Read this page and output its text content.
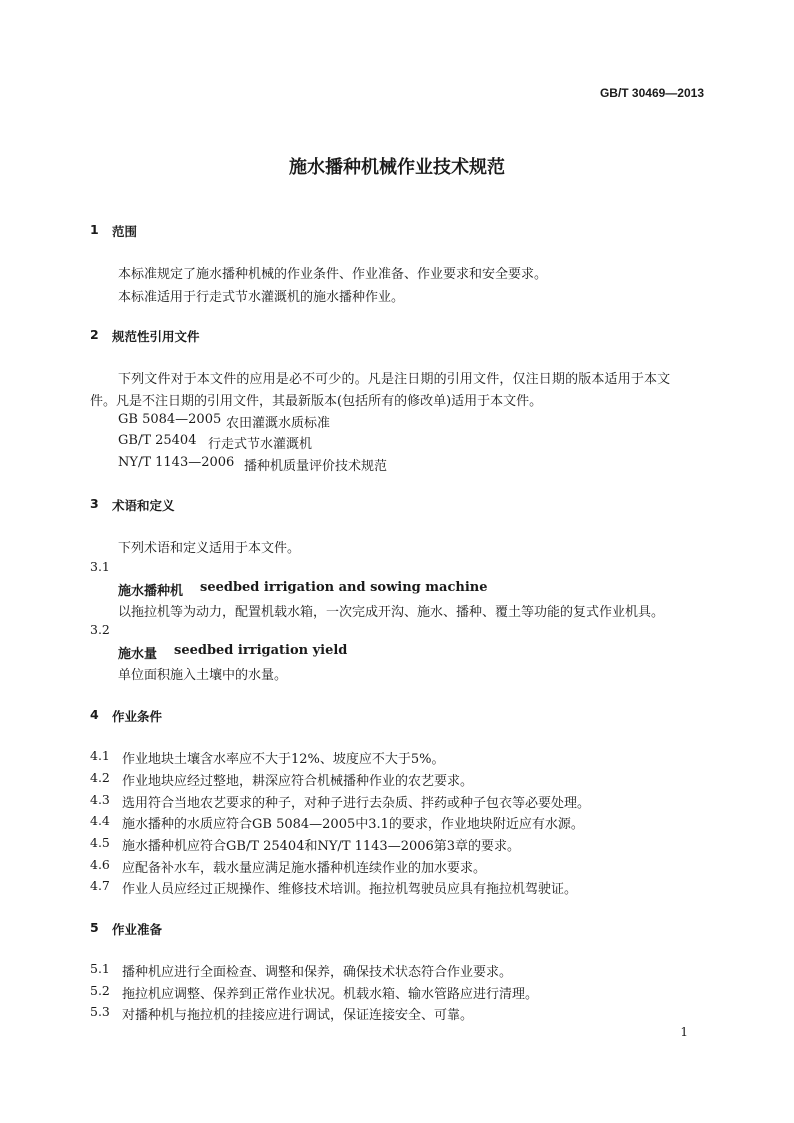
GB/T 30469—2013
施水播种机械作业技术规范
1 范围
本标准规定了施水播种机械的作业条件、作业准备、作业要求和安全要求。
本标准适用于行走式节水灌溉机的施水播种作业。
2 规范性引用文件
下列文件对于本文件的应用是必不可少的。凡是注日期的引用文件，仅注日期的版本适用于本文
件。凡是不注日期的引用文件，其最新版本(包括所有的修改单)适用于本文件。
GB 5084—2005 农田灌溉水质标准
GB/T 25404 行走式节水灌溉机
NY/T 1143—2006 播种机质量评价技术规范
3 术语和定义
下列术语和定义适用于本文件。
3.1
施水播种机 seedbed irrigation and sowing machine
以拖拉机等为动力，配置机载水箱，一次完成开沟、施水、播种、覆土等功能的复式作业机具。
3.2
施水量 seedbed irrigation yield
单位面积施入土壤中的水量。
4 作业条件
4.1 作业地块土壤含水率应不大于12%、坡度应不大于5%。
4.2 作业地块应经过整地，耕深应符合机械播种作业的农艺要求。
4.3 选用符合当地农艺要求的种子，对种子进行去杂质、拌药或种子包衣等必要处理。
4.4 施水播种的水质应符合GB 5084—2005中3.1的要求，作业地块附近应有水源。
4.5 施水播种机应符合GB/T 25404和NY/T 1143—2006第3章的要求。
4.6 应配备补水车，载水量应满足施水播种机连续作业的加水要求。
4.7 作业人员应经过正规操作、维修技术培训。拖拉机驾驶员应具有拖拉机驾驶证。
5 作业准备
5.1 播种机应进行全面检查、调整和保养，确保技术状态符合作业要求。
5.2 拖拉机应调整、保养到正常作业状况。机载水箱、输水管路应进行清理。
5.3 对播种机与拖拉机的挂接应进行调试，保证连接安全、可靠。
1
